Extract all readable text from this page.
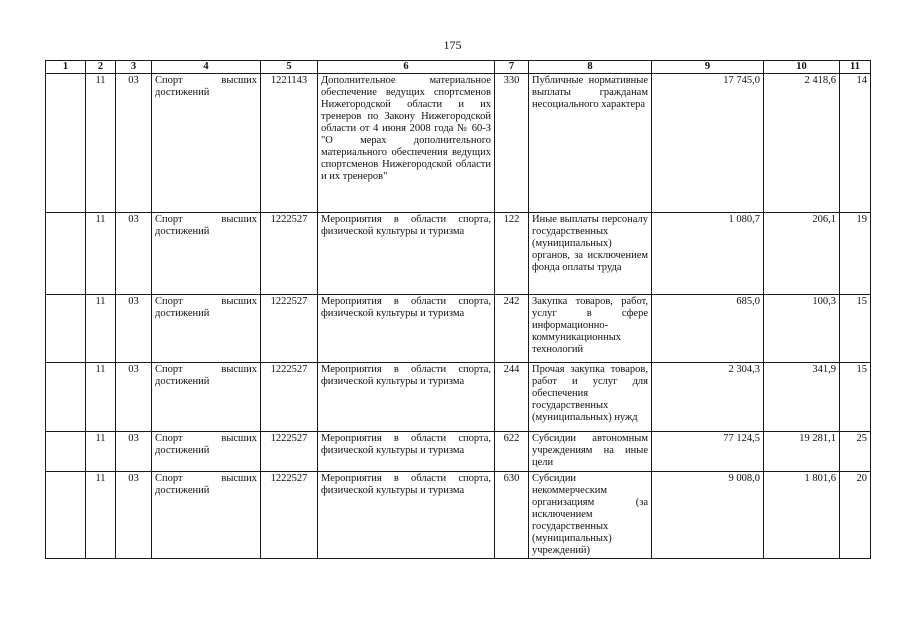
175
1	2	3	4	5	6	7	8	9	10	11
	11	03	Спорт высших достижений	1221143	Дополнительное материальное обеспечение ведущих спортсменов Нижегородской области и их тренеров по Закону Нижегородской области от 4 июня 2008 года № 60-З "О мерах дополнительного материального обеспечения ведущих спортсменов Нижегородской области и их тренеров"	330	Публичные нормативные выплаты гражданам несоциального характера	17 745,0	2 418,6	14
	11	03	Спорт высших достижений	1222527	Мероприятия в области спорта, физической культуры и туризма	122	Иные выплаты персоналу государственных (муниципальных) органов, за исключением фонда оплаты труда	1 080,7	206,1	19
	11	03	Спорт высших достижений	1222527	Мероприятия в области спорта, физической культуры и туризма	242	Закупка товаров, работ, услуг в сфере информационно-коммуникационных технологий	685,0	100,3	15
	11	03	Спорт высших достижений	1222527	Мероприятия в области спорта, физической культуры и туризма	244	Прочая закупка товаров, работ и услуг для обеспечения государственных (муниципальных) нужд	2 304,3	341,9	15
	11	03	Спорт высших достижений	1222527	Мероприятия в области спорта, физической культуры и туризма	622	Субсидии автономным учреждениям на иные цели	77 124,5	19 281,1	25
	11	03	Спорт высших достижений	1222527	Мероприятия в области спорта, физической культуры и туризма	630	Субсидии некоммерческим организациям (за исключением государственных (муниципальных) учреждений)	9 008,0	1 801,6	20
